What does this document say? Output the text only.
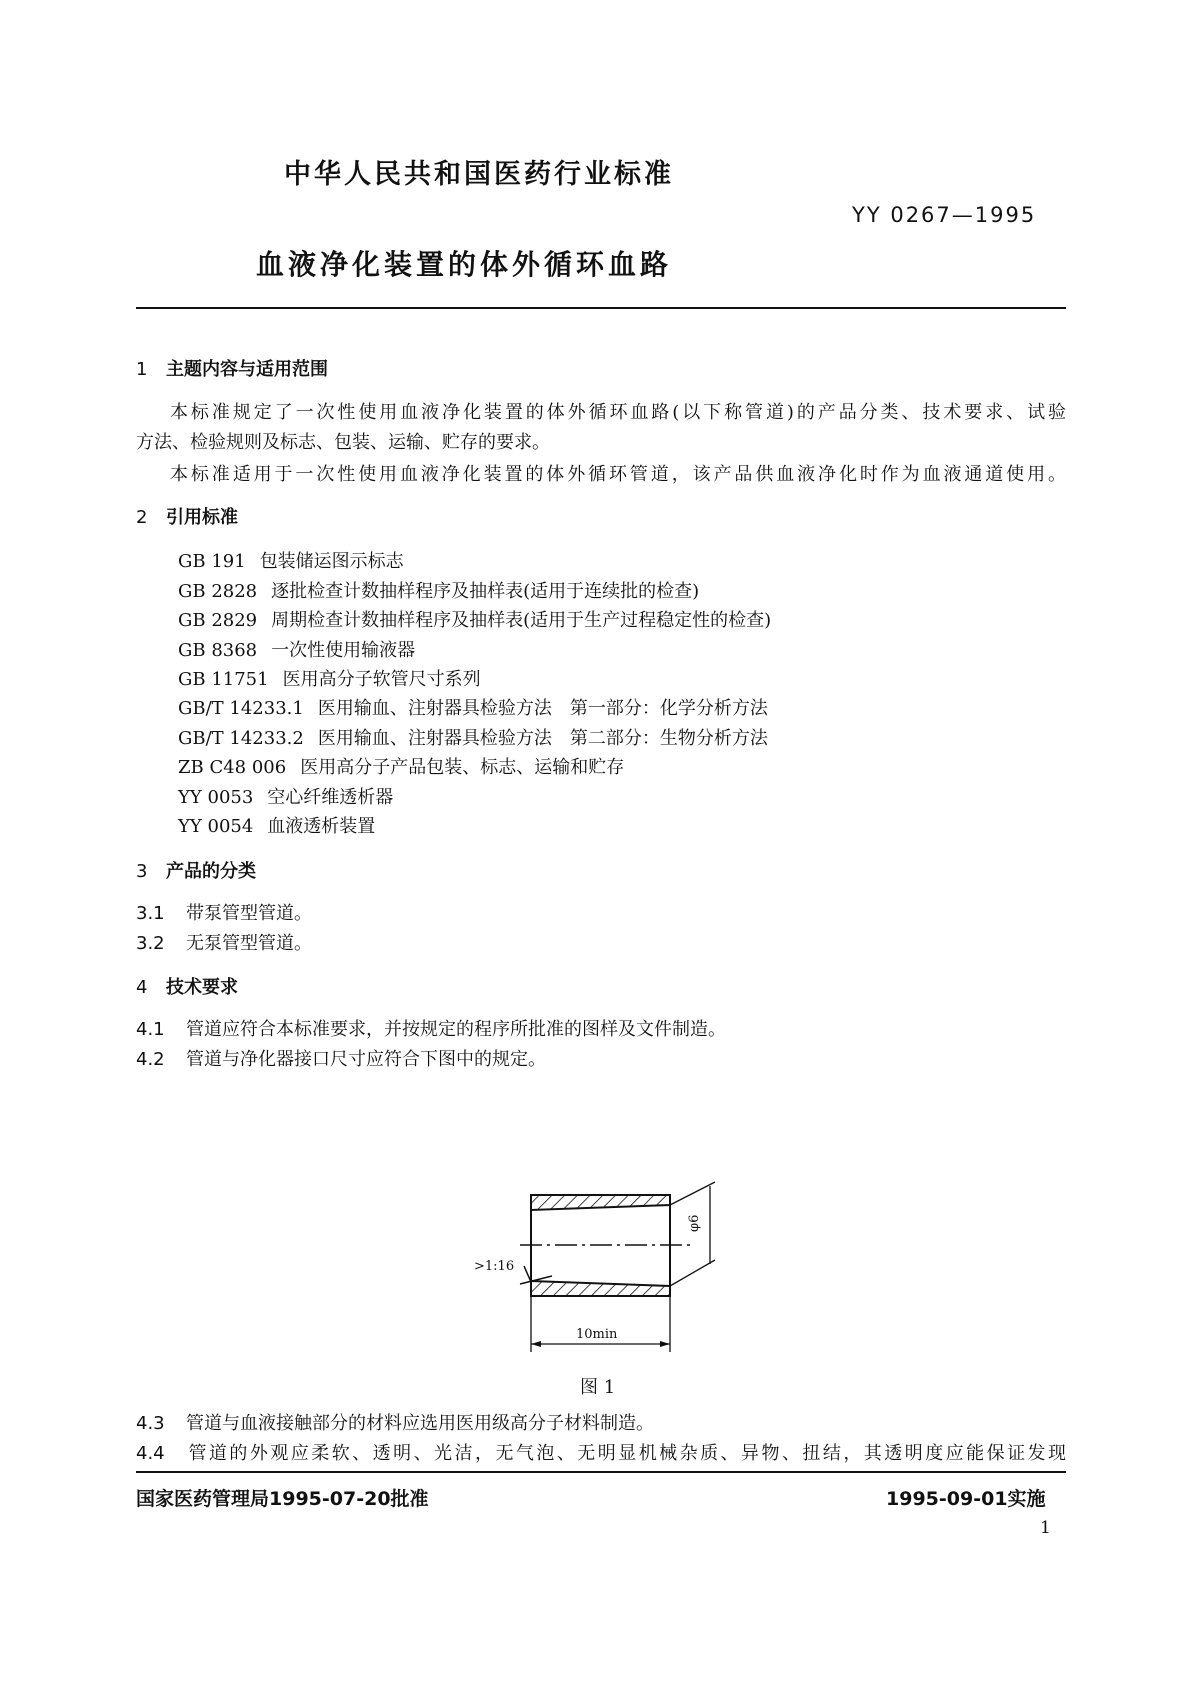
中华人民共和国医药行业标准
YY 0267—1995
血液净化装置的体外循环血路
1 主题内容与适用范围
本标准规定了一次性使用血液净化装置的体外循环血路(以下称管道)的产品分类、技术要求、试验
方法、检验规则及标志、包装、运输、贮存的要求。
本标准适用于一次性使用血液净化装置的体外循环管道，该产品供血液净化时作为血液通道使用。
2 引用标准
GB 191 包装储运图示标志
GB 2828 逐批检查计数抽样程序及抽样表(适用于连续批的检查)
GB 2829 周期检查计数抽样程序及抽样表(适用于生产过程稳定性的检查)
GB 8368 一次性使用输液器
GB 11751 医用高分子软管尺寸系列
GB/T 14233.1 医用输血、注射器具检验方法　第一部分：化学分析方法
GB/T 14233.2 医用输血、注射器具检验方法　第二部分：生物分析方法
ZB C48 006 医用高分子产品包装、标志、运输和贮存
YY 0053 空心纤维透析器
YY 0054 血液透析装置
3 产品的分类
3.1 带泵管型管道。
3.2 无泵管型管道。
4 技术要求
4.1 管道应符合本标准要求，并按规定的程序所批准的图样及文件制造。
4.2 管道与净化器接口尺寸应符合下图中的规定。
>1:16
10min
φ6
图 1
4.3 管道与血液接触部分的材料应选用医用级高分子材料制造。
4.4 管道的外观应柔软、透明、光洁，无气泡、无明显机械杂质、异物、扭结，其透明度应能保证发现
国家医药管理局1995-07-20批准	1995-09-01实施
1
